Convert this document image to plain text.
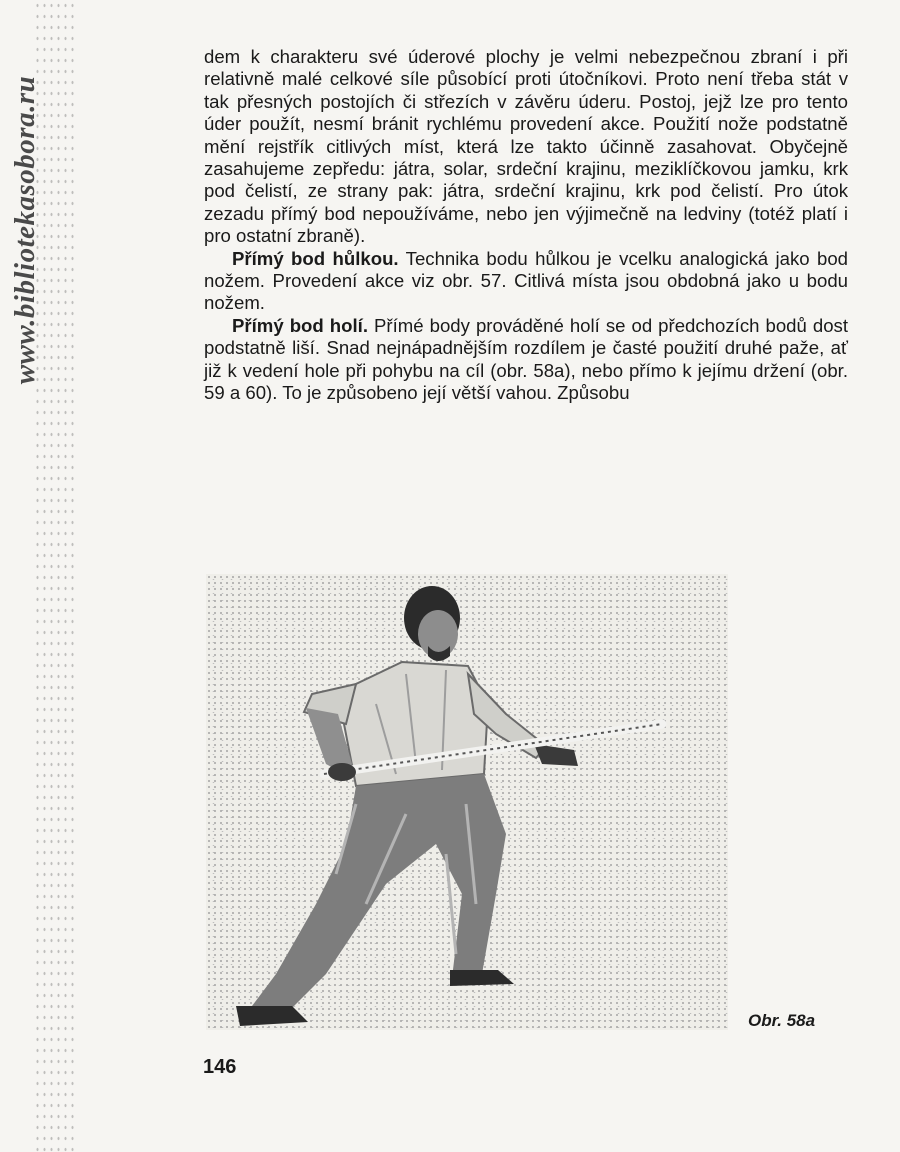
www.bibliotekasobora.ru

dem k charakteru své úderové plochy je velmi nebezpečnou zbraní i při relativně malé celkové síle působící proti útočníkovi. Proto není třeba stát v tak přesných postojích či střezích v závěru úderu. Postoj, jejž lze pro tento úder použít, nesmí bránit rychlému provedení akce. Použití nože podstatně mění rejstřík citlivých míst, která lze takto účinně zasahovat. Obyčejně zasahujeme zepředu: játra, solar, srdeční krajinu, meziklíčkovou jamku, krk pod čelistí, ze strany pak: játra, srdeční krajinu, krk pod čelistí. Pro útok zezadu přímý bod nepoužíváme, nebo jen výjimečně na ledviny (totéž platí i pro ostatní zbraně).

Přímý bod hůlkou. Technika bodu hůlkou je vcelku analogická jako bod nožem. Provedení akce viz obr. 57. Citlivá místa jsou obdobná jako u bodu nožem.

Přímý bod holí. Přímé body prováděné holí se od předchozích bodů dost podstatně liší. Snad nejnápadnějším rozdílem je časté použití druhé paže, ať již k vedení hole při pohybu na cíl (obr. 58a), nebo přímo k jejímu držení (obr. 59 a 60). To je způsobeno její větší vahou. Způsobu

Obr. 58a
146
